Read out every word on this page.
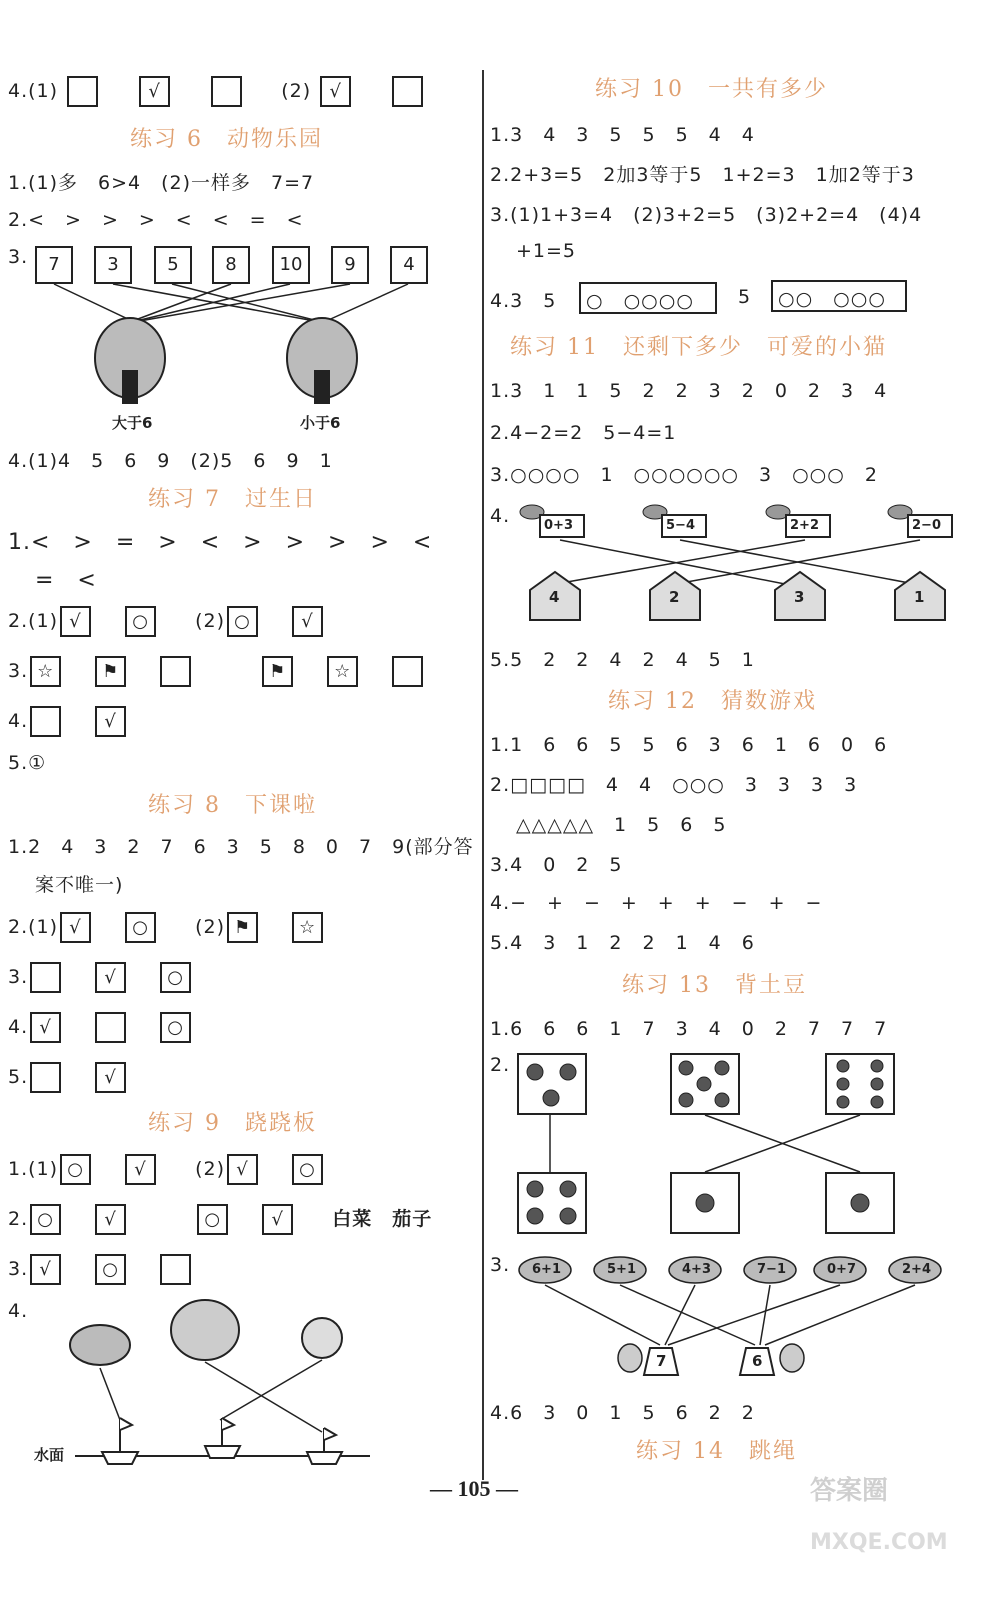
4.(1)	√	(2) √
练习 6　动物乐园
1.(1)多　6>4　(2)一样多　7=7
2.<　>　>　>　<　<　=　<
3.	7	3	5	8	10	9	4
大于6	小于6
4.(1)4　5　6　9　(2)5　6　9　1
练习 7　过生日
1.<　>　=　>　<　>　>　>　>　<
=　<
2.(1) √	○ (2) ○	√
3. ☆	⚑	⚑	☆
4.	√
5.①
练习 8　下课啦
1.2　4　3　2　7　6　3　5　8　0　7　9(部分答
案不唯一)
2.(1) √	○ (2) ⚑	☆
3.	√	○
4. √	○
5.	√
练习 9　跷跷板
1.(1) ○	√	(2) √	○
2. ○	√	○	√	白菜　茄子
3. √	○
4.
水面
练习 10　一共有多少
1.3　4　3　5　5　5　4　4
2.2+3=5　2加3等于5　1+2=3　1加2等于3
3.(1)1+3=4　(2)3+2=5　(3)2+2=4　(4)4
+1=5
4.3　5 ○　○○○○ 5 ○○　○○○
练习 11　还剩下多少　可爱的小猫
1.3　1　1　5　2　2　3　2　0　2　3　4
2.4−2=2　5−4=1
3.○○○○　1　○○○○○○　3　○○○　2
4.	0+3	5−4	2+2	2−0
4	2	3	1
5.5　2　2　4　2　4　5　1
练习 12　猜数游戏
1.1　6　6　5　5　6　3　6　1　6　0　6
2.□□□□　4　4　○○○　3　3　3　3
△△△△△　1　5　6　5
3.4　0　2　5
4.−　+　−　+　+　+　−　+　−
5.4　3　1　2　2　1　4　6
练习 13　背土豆
1.6　6　6　1　7　3　4　0　2　7　7　7
2.
3. 6+1	5+1	4+3	7−1	0+7	2+4
7	6
4.6　3　0　1　5　6　2　2
练习 14　跳绳
— 105 —	答案圈
MXQE.COM
